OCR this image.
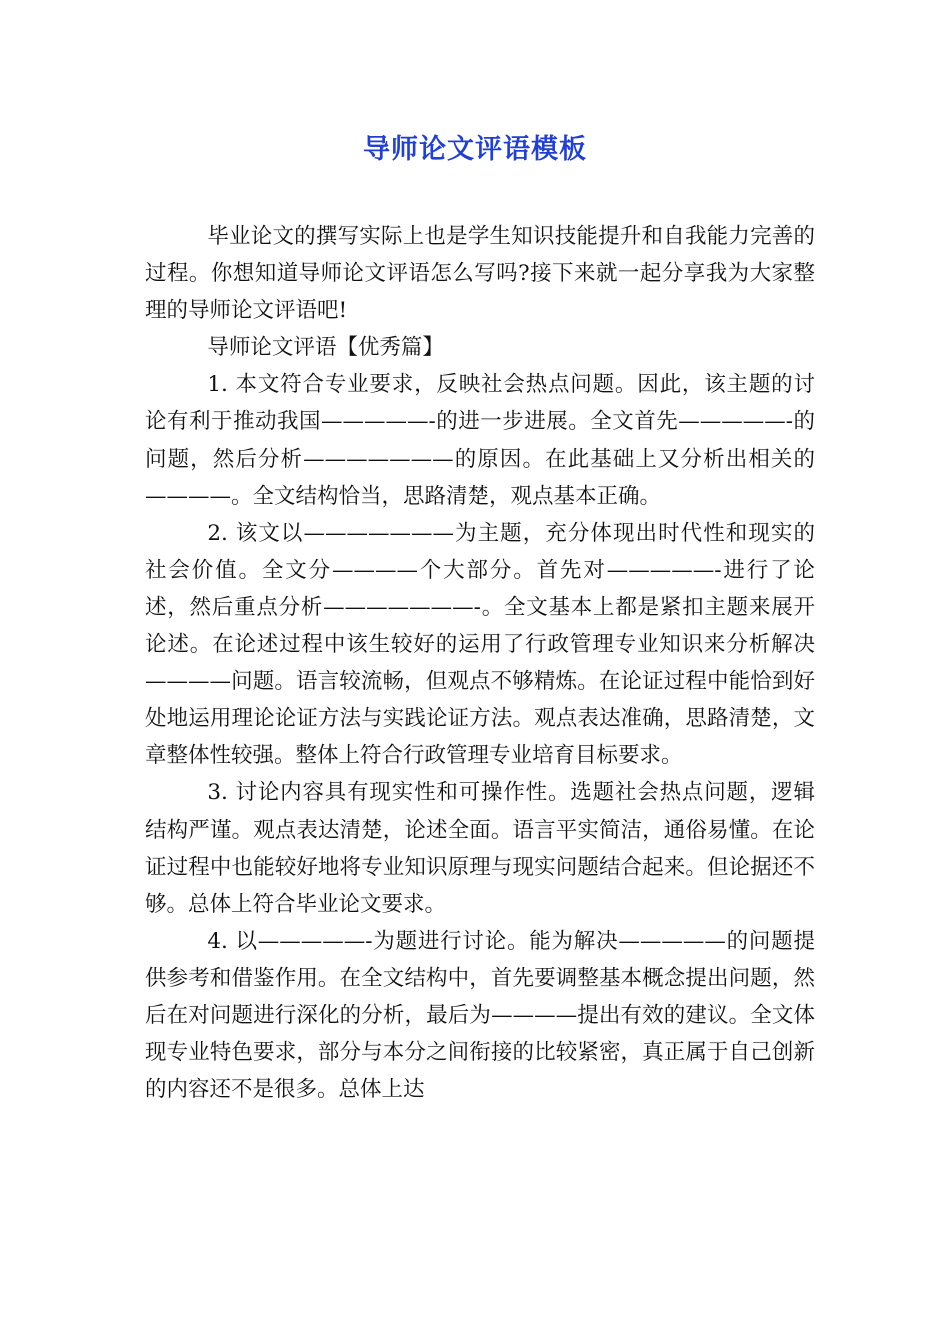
导师论文评语模板

毕业论文的撰写实际上也是学生知识技能提升和自我能力完善的过程。你想知道导师论文评语怎么写吗?接下来就一起分享我为大家整理的导师论文评语吧!

导师论文评语【优秀篇】

1. 本文符合专业要求，反映社会热点问题。因此，该主题的讨论有利于推动我国—————-的进一步进展。全文首先—————-的问题，然后分析———————的原因。在此基础上又分析出相关的————。全文结构恰当，思路清楚，观点基本正确。

2. 该文以———————为主题，充分体现出时代性和现实的社会价值。全文分————个大部分。首先对—————-进行了论述，然后重点分析———————-。全文基本上都是紧扣主题来展开论述。在论述过程中该生较好的运用了行政管理专业知识来分析解决————问题。语言较流畅，但观点不够精炼。在论证过程中能恰到好处地运用理论论证方法与实践论证方法。观点表达准确，思路清楚，文章整体性较强。整体上符合行政管理专业培育目标要求。

3. 讨论内容具有现实性和可操作性。选题社会热点问题，逻辑结构严谨。观点表达清楚，论述全面。语言平实简洁，通俗易懂。在论证过程中也能较好地将专业知识原理与现实问题结合起来。但论据还不够。总体上符合毕业论文要求。

4. 以—————-为题进行讨论。能为解决—————的问题提供参考和借鉴作用。在全文结构中，首先要调整基本概念提出问题，然后在对问题进行深化的分析，最后为————提出有效的建议。全文体现专业特色要求，部分与本分之间衔接的比较紧密，真正属于自己创新的内容还不是很多。总体上达
